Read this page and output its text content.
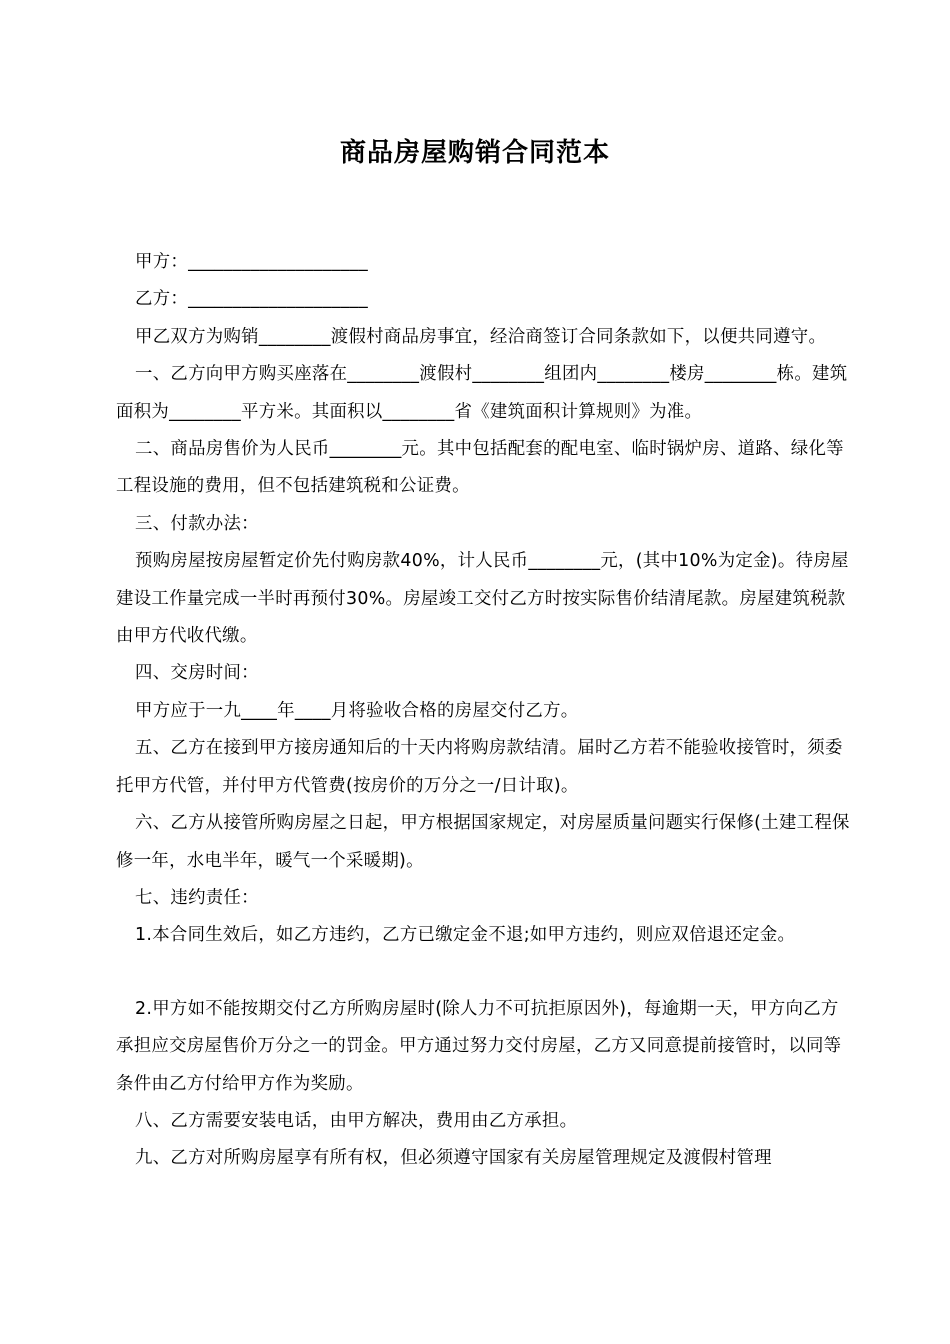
商品房屋购销合同范本

甲方：____________________

乙方：____________________

甲乙双方为购销________渡假村商品房事宜，经洽商签订合同条款如下，以便共同遵守。

一、乙方向甲方购买座落在________渡假村________组团内________楼房________栋。建筑面积为________平方米。其面积以________省《建筑面积计算规则》为准。

二、商品房售价为人民币________元。其中包括配套的配电室、临时锅炉房、道路、绿化等工程设施的费用，但不包括建筑税和公证费。

三、付款办法：

预购房屋按房屋暂定价先付购房款40%，计人民币________元，(其中10%为定金)。待房屋建设工作量完成一半时再预付30%。房屋竣工交付乙方时按实际售价结清尾款。房屋建筑税款由甲方代收代缴。

四、交房时间：

甲方应于一九____年____月将验收合格的房屋交付乙方。

五、乙方在接到甲方接房通知后的十天内将购房款结清。届时乙方若不能验收接管时，须委托甲方代管，并付甲方代管费(按房价的万分之一/日计取)。

六、乙方从接管所购房屋之日起，甲方根据国家规定，对房屋质量问题实行保修(土建工程保修一年，水电半年，暖气一个采暖期)。

七、违约责任：

1.本合同生效后，如乙方违约，乙方已缴定金不退;如甲方违约，则应双倍退还定金。

2.甲方如不能按期交付乙方所购房屋时(除人力不可抗拒原因外)，每逾期一天，甲方向乙方承担应交房屋售价万分之一的罚金。甲方通过努力交付房屋，乙方又同意提前接管时，以同等条件由乙方付给甲方作为奖励。

八、乙方需要安装电话，由甲方解决，费用由乙方承担。

九、乙方对所购房屋享有所有权，但必须遵守国家有关房屋管理规定及渡假村管理
